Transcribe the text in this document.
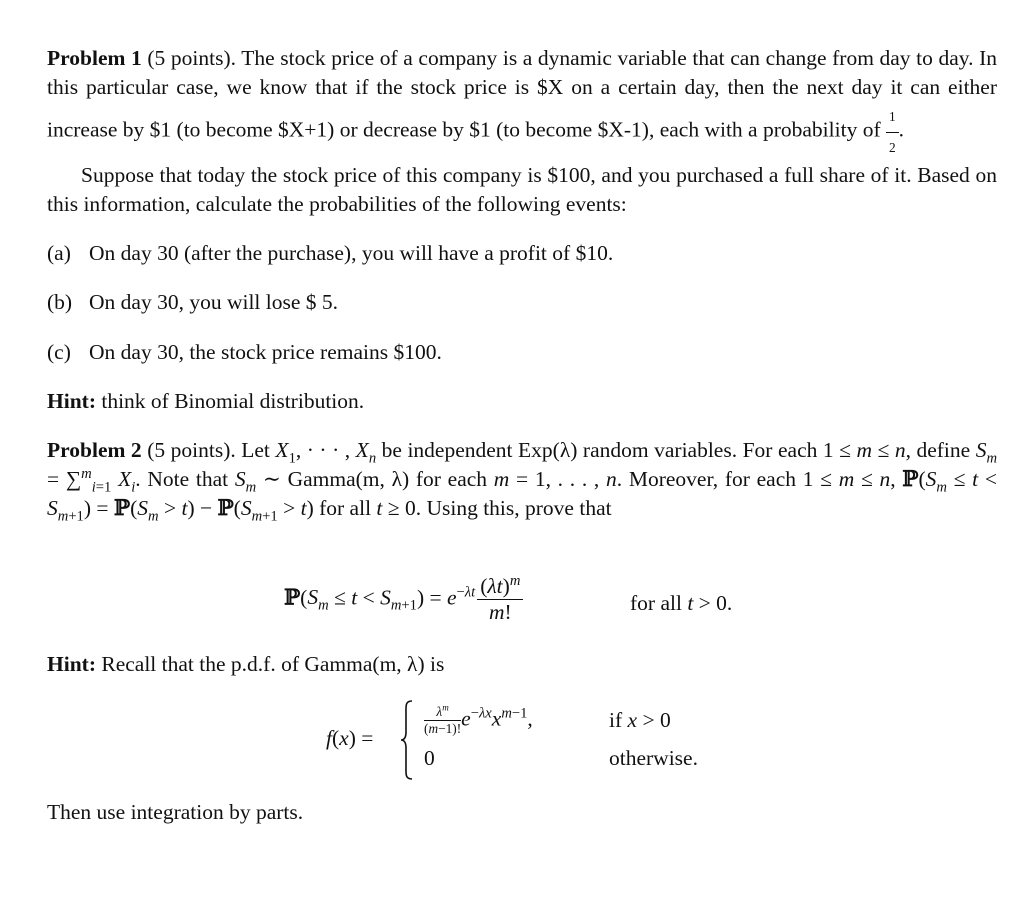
Problem 1 (5 points). The stock price of a company is a dynamic variable that can change from day to day. In this particular case, we know that if the stock price is $X on a certain day, then the next day it can either increase by $1 (to become $X+1) or decrease by $1 (to become $X-1), each with a probability of $\frac{1}{2}$ .
Suppose that today the stock price of this company is $100, and you purchased a full share of it. Based on this information, calculate the probabilities of the following events:
(a) On day 30 (after the purchase), you will have a profit of $10.
(b) On day 30, you will lose $ 5.
(c) On day 30, the stock price remains $100.
Hint: think of Binomial distribution.
Problem 2 (5 points). Let $X_1$, · · · , $X_n$ be independent Exp(λ) random variables. For each 1 ≤ m ≤ n, define $S_m = \sum^m_{i=1}$ $X_i$. Note that $S_m$ ∼ Gamma(m, λ) for each m = 1, . . . , n. Moreover, for each 1 ≤ m ≤ n, $ℙ(S_m \le t < S_{m+1})$ = $ℙ(S_m > t)$ − $ℙ(S_{m+1} > t)$ for all t ≥ 0. Using this, prove that
$ℙ(S_m \le t < S_{m+1}) = e^{-\lambda t} \frac{(\lambda t)^m}{m!}$	for all t > 0.
Hint: Recall that the p.d.f. of Gamma(m, λ) is
f(x) =
$\frac{\lambda^m}{(m-1)!} e^{-\lambda x}x^{m-1}$,	if x > 0
0	otherwise.
Then use integration by parts.
